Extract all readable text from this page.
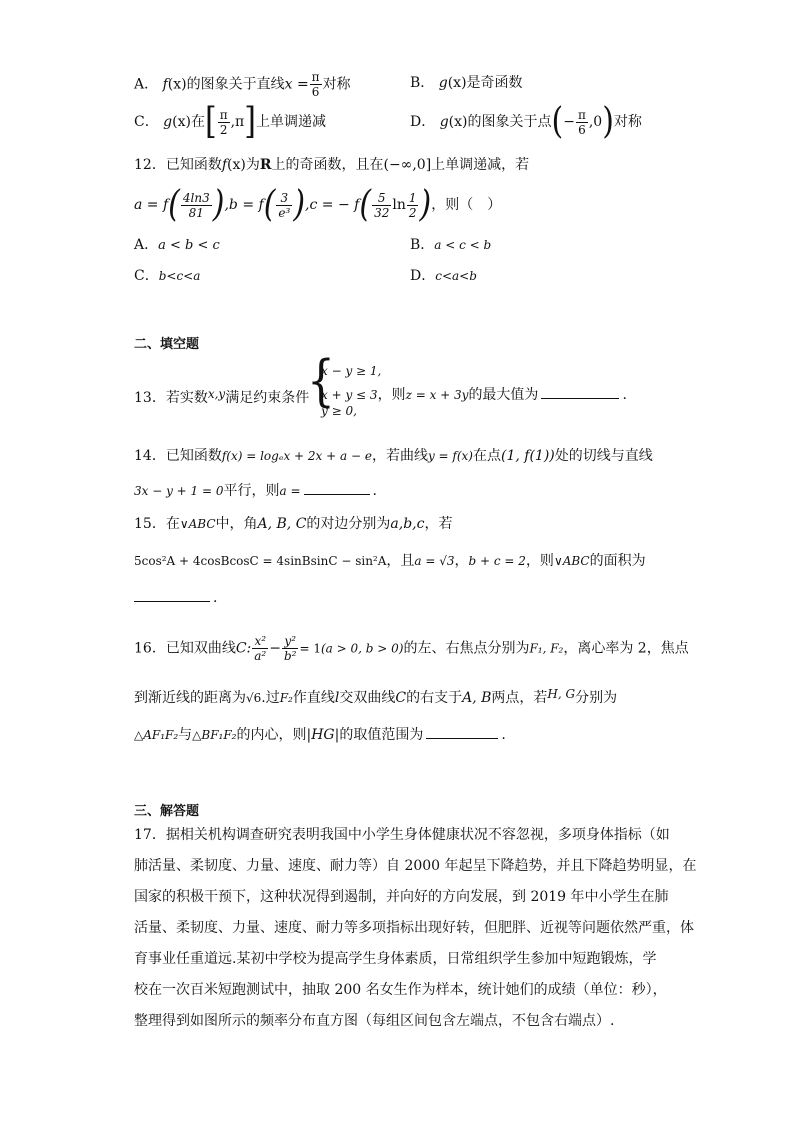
A． f(x)的图象关于直线$x = \frac{\pi}{6}$ 对称	B． g(x)是奇函数
C． g(x)在[ $\frac{\pi}{2} ,\pi$]上单调递减	D． g(x)的图象关于点(− $\frac{\pi}{6} ,0$)对称
12．已知函数f(x)为R上的奇函数，且在(−∞,0]上单调递减，若
$a = f( \frac{4\ln 3}{81} ),b = f( \frac{3}{\text{e³}} ),c$ = − $f( \frac{5}{32}$ $\ln \frac{1}{2}$ )，则（　）
A．a < b < c	B．a < c < b
C．b<c<a	D．c<a<b
二、填空题
13．若实数x,y满足约束条件
{
x − y ≥ 1,
x + y ≤ 3，则z = x + 3y的最大值为	.
y ≥ 0,
14．已知函数f(x) = logₑx + 2x + a − e，若曲线y = f(x)在点(1, f(1))处的切线与直线
3x − y + 1 = 0平行，则a =	.
15．在∨ABC中，角A, B, C的对边分别为a,b,c，若
5cos²A + 4cosBcosC = 4sinBsinC − sin²A，且a = √3，b + c = 2，则∨ABC的面积为
.
16．已知双曲线C: $\frac{\text{x²}}{\text{a²}} - \frac{\text{y²}}{\text{b²}} = 1(a > 0$, b > 0)的左、右焦点分别为F₁, F₂，离心率为 2，焦点
到渐近线的距离为√6.过F₂作直线l交双曲线C的右支于A, B两点，若H, G分别为
△AF₁F₂与△BF₁F₂的内心，则|HG|的取值范围为	.
三、解答题
17．据相关机构调查研究表明我国中小学生身体健康状况不容忽视，多项身体指标（如
肺活量、柔韧度、力量、速度、耐力等）自 2000 年起呈下降趋势，并且下降趋势明显，在
国家的积极干预下，这种状况得到遏制，并向好的方向发展，到 2019 年中小学生在肺
活量、柔韧度、力量、速度、耐力等多项指标出现好转，但肥胖、近视等问题依然严重，体
育事业任重道远.某初中学校为提高学生身体素质，日常组织学生参加中短跑锻炼，学
校在一次百米短跑测试中，抽取 200 名女生作为样本，统计她们的成绩（单位：秒），
整理得到如图所示的频率分布直方图（每组区间包含左端点，不包含右端点）.
